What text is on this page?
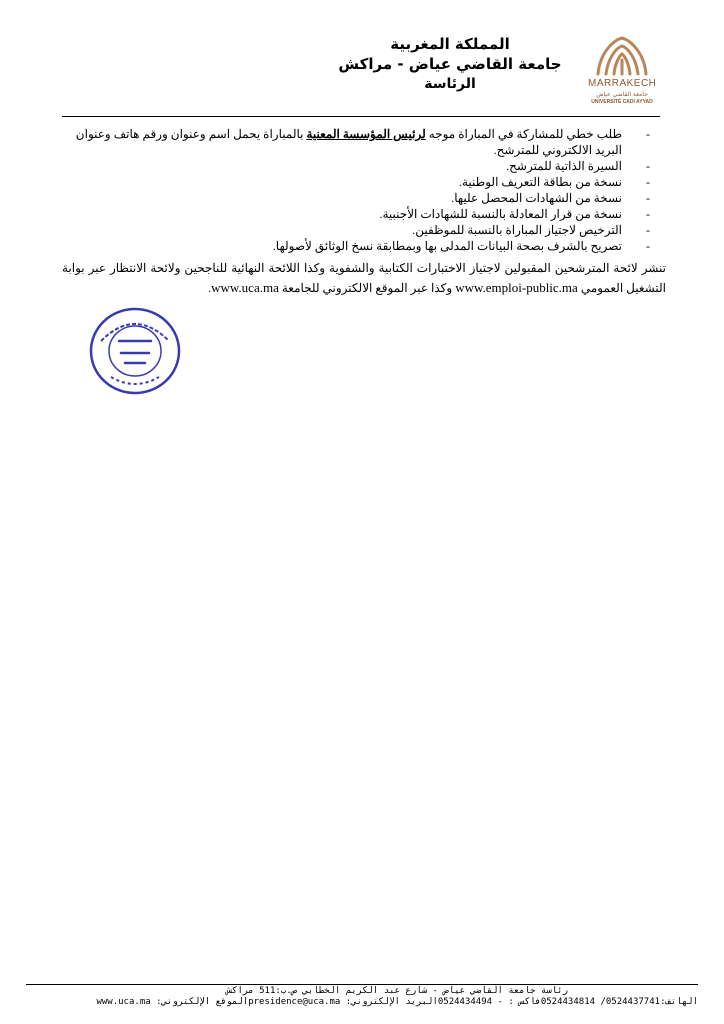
المملكة المغربية
جامعة القاضي عياض - مراكش
الرئاسة	MARRAKECH
جامعة القاضي عياض
UNIVERSITÉ CADI AYYAD
-
طلب خطي للمشاركة في المباراة موجه لرئيس المؤسسة المعنية بالمباراة يحمل اسم وعنوان ورقم هاتف وعنوان البريد الالكتروني للمترشح.
-
السيرة الذاتية للمترشح.
-
نسخة من بطاقة التعريف الوطنية.
-
نسخة من الشهادات المحصل عليها.
-
نسخة من قرار المعادلة بالنسبة للشهادات الأجنبية.
-
الترخيص لاجتياز المباراة بالنسبة للموظفين.
-
تصريح بالشرف بصحة البيانات المدلى بها وبمطابقة نسخ الوثائق لأصولها.
تنشر لائحة المترشحين المقبولين لاجتياز الاختبارات الكتابية والشفوية وكذا اللائحة النهائية للناجحين ولائحة الانتظار عبر بوابة التشغيل العمومي www.emploi-public.ma وكذا عبر الموقع الالكتروني للجامعة www.uca.ma.
رئاسة جامعة القاضي عياض - شارع عبد الكريم الخطابي ص.ب:511 مراكش
الهاتف:0524437741/ 0524434814فاكس : - 0524434494البريد الإلكتروني: presidence@uca.maالموقع الإلكتروني: www.uca.ma
